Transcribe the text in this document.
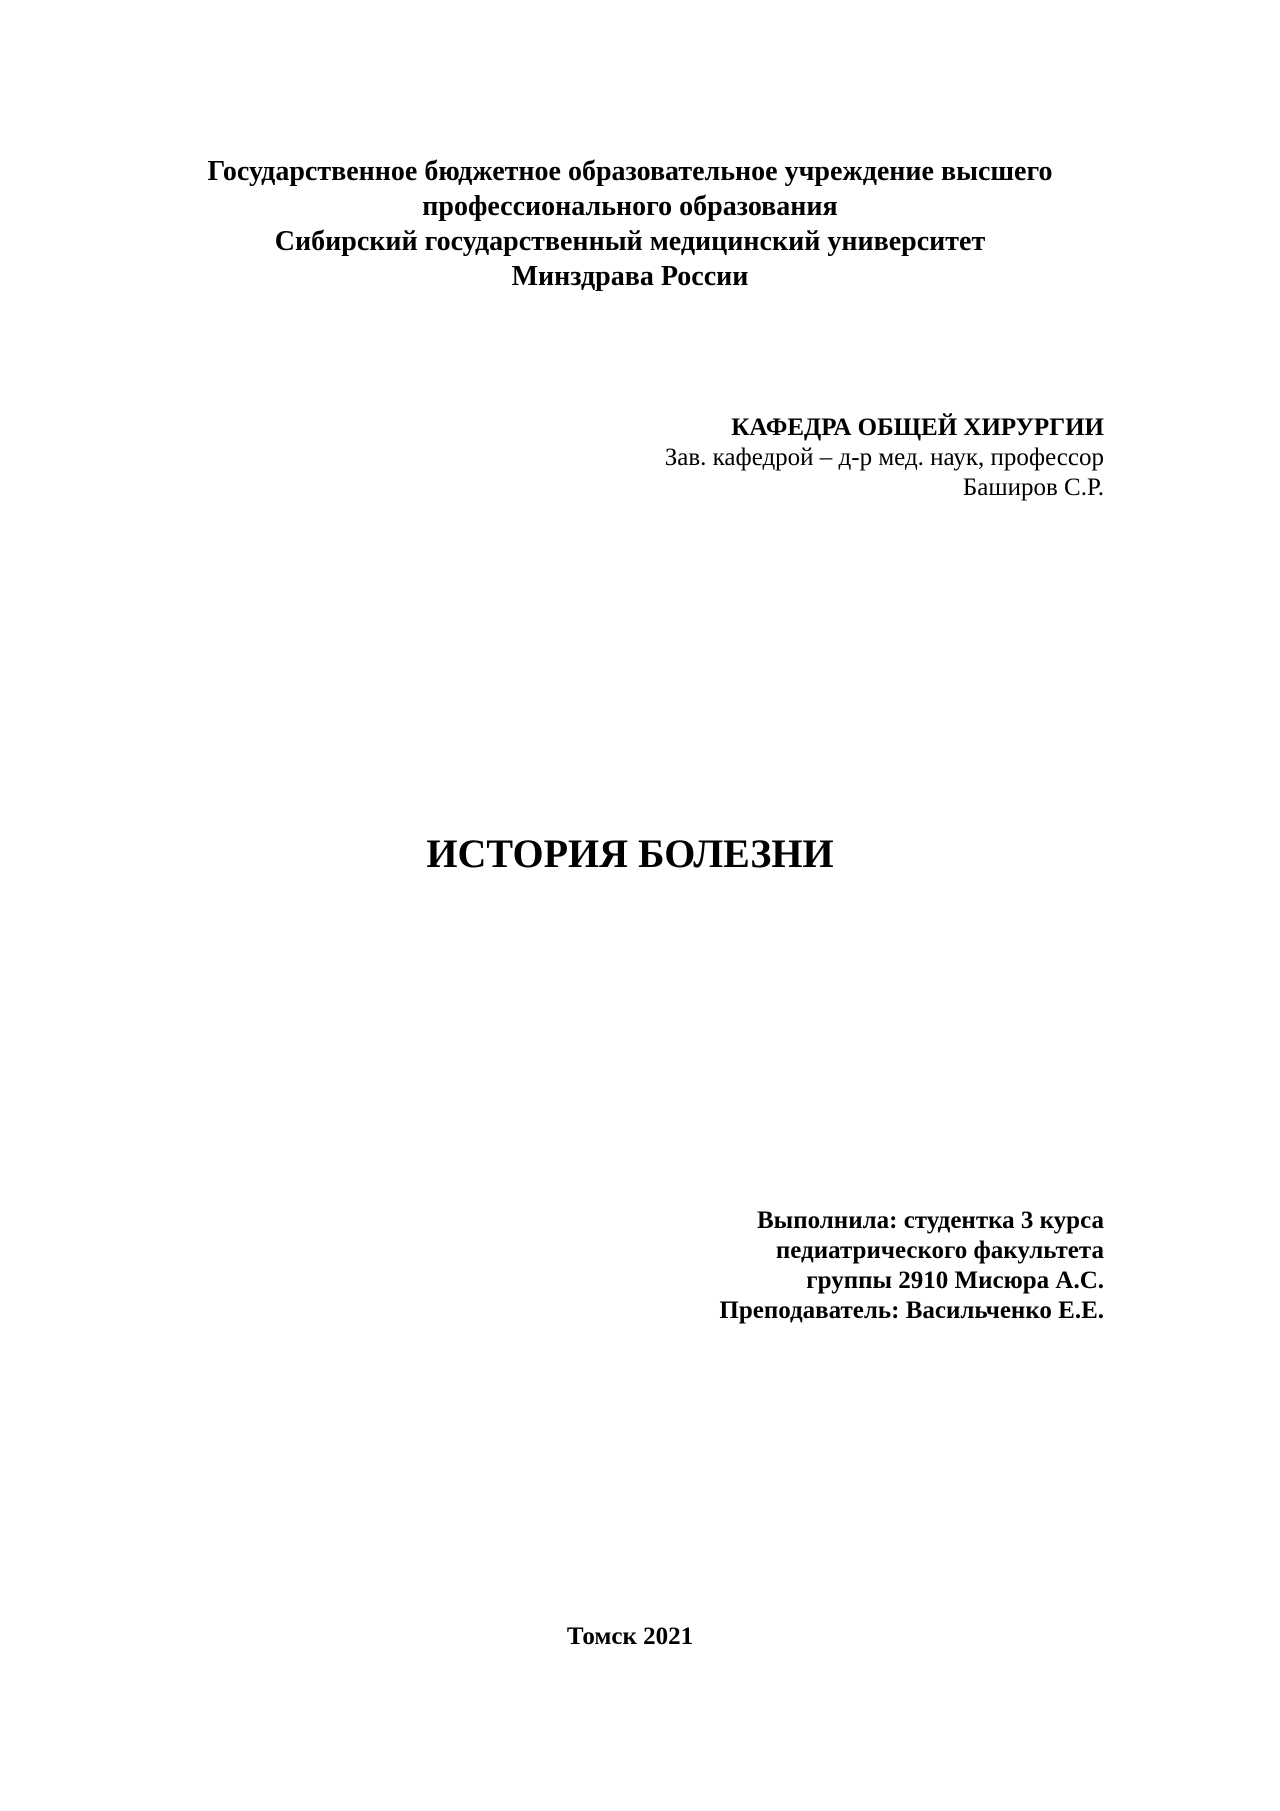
Государственное бюджетное образовательное учреждение высшего
профессионального образования
Сибирский государственный медицинский университет
Минздрава России
КАФЕДРА ОБЩЕЙ ХИРУРГИИ
Зав. кафедрой – д-р мед. наук, профессор
Баширов С.Р.
ИСТОРИЯ БОЛЕЗНИ
Выполнила: студентка 3 курса
педиатрического факультета
группы 2910 Мисюра А.С.
Преподаватель: Васильченко Е.Е.
Томск 2021
